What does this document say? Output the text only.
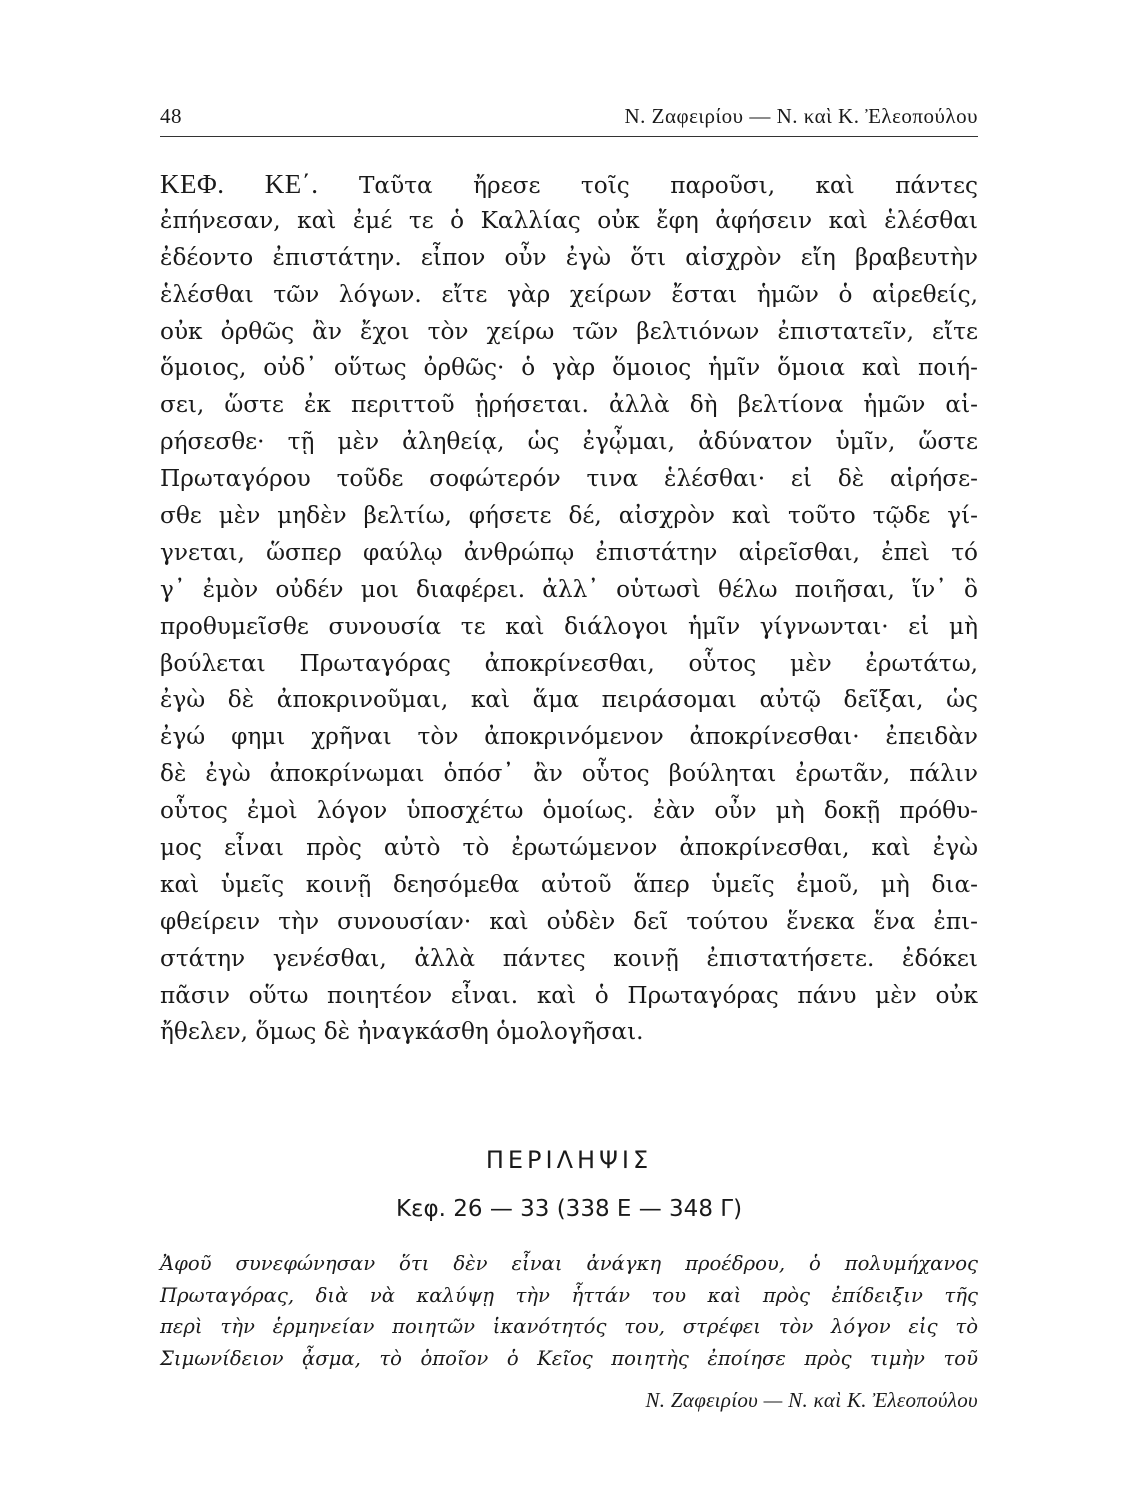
48	Ν. Ζαφειρίου — Ν. καὶ Κ. Ἐλεοπούλου
ΚΕΦ. ΚΕ΄. Ταῦτα ἤρεσε τοῖς παροῦσι, καὶ πάντες
ἐπήνεσαν, καὶ ἐμέ τε ὁ Καλλίας οὐκ ἔφη ἀφήσειν καὶ ἑλέσθαι
ἐδέοντο ἐπιστάτην. εἶπον οὖν ἐγὼ ὅτι αἰσχρὸν εἴη βραβευτὴν
ἑλέσθαι τῶν λόγων. εἴτε γὰρ χείρων ἔσται ἡμῶν ὁ αἱρεθείς,
οὐκ ὀρθῶς ἂν ἔχοι τὸν χείρω τῶν βελτιόνων ἐπιστατεῖν, εἴτε
ὅμοιος, οὐδ᾽ οὕτως ὀρθῶς· ὁ γὰρ ὅμοιος ἡμῖν ὅμοια καὶ ποιή-
σει, ὥστε ἐκ περιττοῦ ᾑρήσεται. ἀλλὰ δὴ βελτίονα ἡμῶν αἱ-
ρήσεσθε· τῇ μὲν ἀληθείᾳ, ὡς ἐγᾦμαι, ἀδύνατον ὑμῖν, ὥστε
Πρωταγόρου τοῦδε σοφώτερόν τινα ἑλέσθαι· εἰ δὲ αἱρήσε-
σθε μὲν μηδὲν βελτίω, φήσετε δέ, αἰσχρὸν καὶ τοῦτο τῷδε γί-
γνεται, ὥσπερ φαύλῳ ἀνθρώπῳ ἐπιστάτην αἱρεῖσθαι, ἐπεὶ τό
γ᾽ ἐμὸν οὐδέν μοι διαφέρει. ἀλλ᾽ οὑτωσὶ θέλω ποιῆσαι, ἵν᾽ ὃ
προθυμεῖσθε συνουσία τε καὶ διάλογοι ἡμῖν γίγνωνται· εἰ μὴ
βούλεται Πρωταγόρας ἀποκρίνεσθαι, οὗτος μὲν ἐρωτάτω,
ἐγὼ δὲ ἀποκρινοῦμαι, καὶ ἅμα πειράσομαι αὐτῷ δεῖξαι, ὡς
ἐγώ φημι χρῆναι τὸν ἀποκρινόμενον ἀποκρίνεσθαι· ἐπειδὰν
δὲ ἐγὼ ἀποκρίνωμαι ὁπόσ᾽ ἂν οὗτος βούληται ἐρωτᾶν, πάλιν
οὗτος ἐμοὶ λόγον ὑποσχέτω ὁμοίως. ἐὰν οὖν μὴ δοκῇ πρόθυ-
μος εἶναι πρὸς αὐτὸ τὸ ἐρωτώμενον ἀποκρίνεσθαι, καὶ ἐγὼ
καὶ ὑμεῖς κοινῇ δεησόμεθα αὐτοῦ ἅπερ ὑμεῖς ἐμοῦ, μὴ δια-
φθείρειν τὴν συνουσίαν· καὶ οὐδὲν δεῖ τούτου ἕνεκα ἕνα ἐπι-
στάτην γενέσθαι, ἀλλὰ πάντες κοινῇ ἐπιστατήσετε. ἐδόκει
πᾶσιν οὕτω ποιητέον εἶναι. καὶ ὁ Πρωταγόρας πάνυ μὲν οὐκ
ἤθελεν, ὅμως δὲ ἠναγκάσθη ὁμολογῆσαι.
ΠΕΡΙΛΗΨΙΣ
Κεφ. 26 — 33 (338 Ε — 348 Γ)
Ἀφοῦ συνεφώνησαν ὅτι δὲν εἶναι ἀνάγκη προέδρου, ὁ πολυμήχανος
Πρωταγόρας, διὰ νὰ καλύψῃ τὴν ἧττάν του καὶ πρὸς ἐπίδειξιν τῆς
περὶ τὴν ἑρμηνείαν ποιητῶν ἱκανότητός του, στρέφει τὸν λόγον εἰς τὸ
Σιμωνίδειον ᾆσμα, τὸ ὁποῖον ὁ Κεῖος ποιητὴς ἐποίησε πρὸς τιμὴν τοῦ
Ν. Ζαφειρίου — Ν. καὶ Κ. Ἐλεοπούλου
